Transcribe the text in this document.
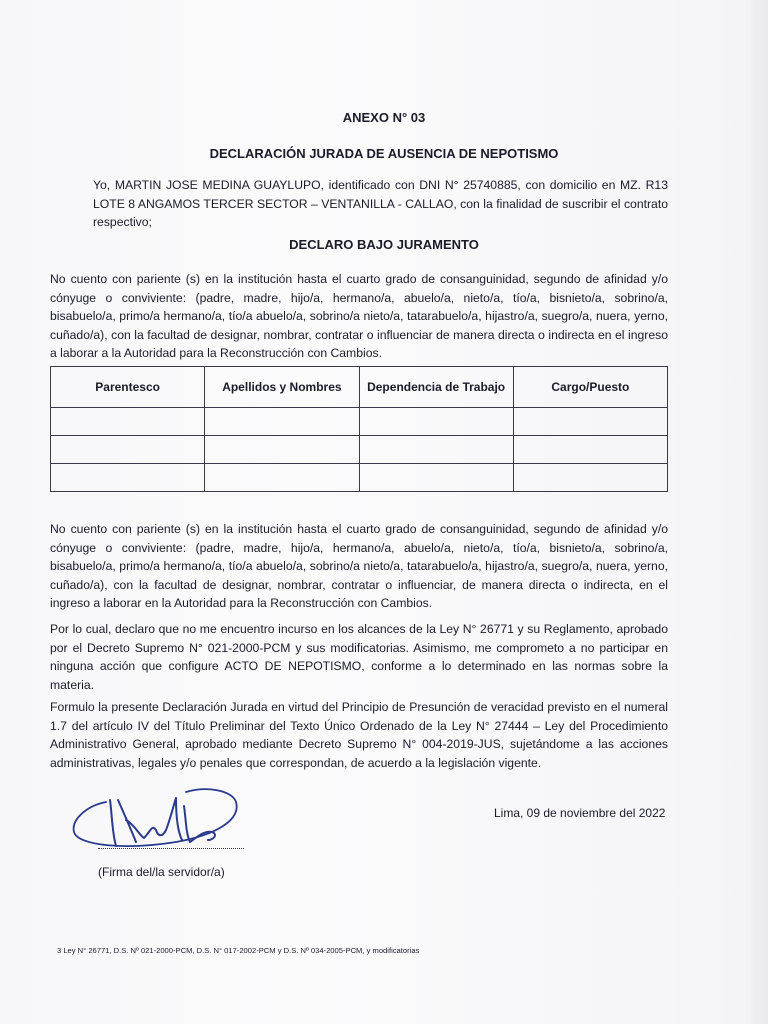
ANEXO N° 03
DECLARACIÓN JURADA DE AUSENCIA DE NEPOTISMO

Yo, MARTIN JOSE MEDINA GUAYLUPO, identificado con DNI N° 25740885, con domicilio en MZ. R13 LOTE 8 ANGAMOS TERCER SECTOR – VENTANILLA - CALLAO, con la finalidad de suscribir el contrato respectivo;

DECLARO BAJO JURAMENTO

No cuento con pariente (s) en la institución hasta el cuarto grado de consanguinidad, segundo de afinidad y/o cónyuge o conviviente: (padre, madre, hijo/a, hermano/a, abuelo/a, nieto/a, tío/a, bisnieto/a, sobrino/a, bisabuelo/a, primo/a hermano/a, tío/a abuelo/a, sobrino/a nieto/a, tatarabuelo/a, hijastro/a, suegro/a, nuera, yerno, cuñado/a), con la facultad de designar, nombrar, contratar o influenciar de manera directa o indirecta en el ingreso a laborar a la Autoridad para la Reconstrucción con Cambios.

Parentesco	Apellidos y Nombres	Dependencia de Trabajo	Cargo/Puesto

No cuento con pariente (s) en la institución hasta el cuarto grado de consanguinidad, segundo de afinidad y/o cónyuge o conviviente: (padre, madre, hijo/a, hermano/a, abuelo/a, nieto/a, tío/a, bisnieto/a, sobrino/a, bisabuelo/a, primo/a hermano/a, tío/a abuelo/a, sobrino/a nieto/a, tatarabuelo/a, hijastro/a, suegro/a, nuera, yerno, cuñado/a), con la facultad de designar, nombrar, contratar o influenciar, de manera directa o indirecta, en el ingreso a laborar en la Autoridad para la Reconstrucción con Cambios.

Por lo cual, declaro que no me encuentro incurso en los alcances de la Ley N° 26771 y su Reglamento, aprobado por el Decreto Supremo N° 021-2000-PCM y sus modificatorias. Asimismo, me comprometo a no participar en ninguna acción que configure ACTO DE NEPOTISMO, conforme a lo determinado en las normas sobre la materia.

Formulo la presente Declaración Jurada en virtud del Principio de Presunción de veracidad previsto en el numeral 1.7 del artículo IV del Título Preliminar del Texto Único Ordenado de la Ley N° 27444 – Ley del Procedimiento Administrativo General, aprobado mediante Decreto Supremo N° 004-2019-JUS, sujetándome a las acciones administrativas, legales y/o penales que correspondan, de acuerdo a la legislación vigente.

Lima, 09 de noviembre del 2022
(Firma del/la servidor/a)
3 Ley N° 26771, D.S. Nº 021-2000-PCM, D.S. N° 017-2002-PCM y D.S. Nº 034-2005-PCM, y modificatorias
